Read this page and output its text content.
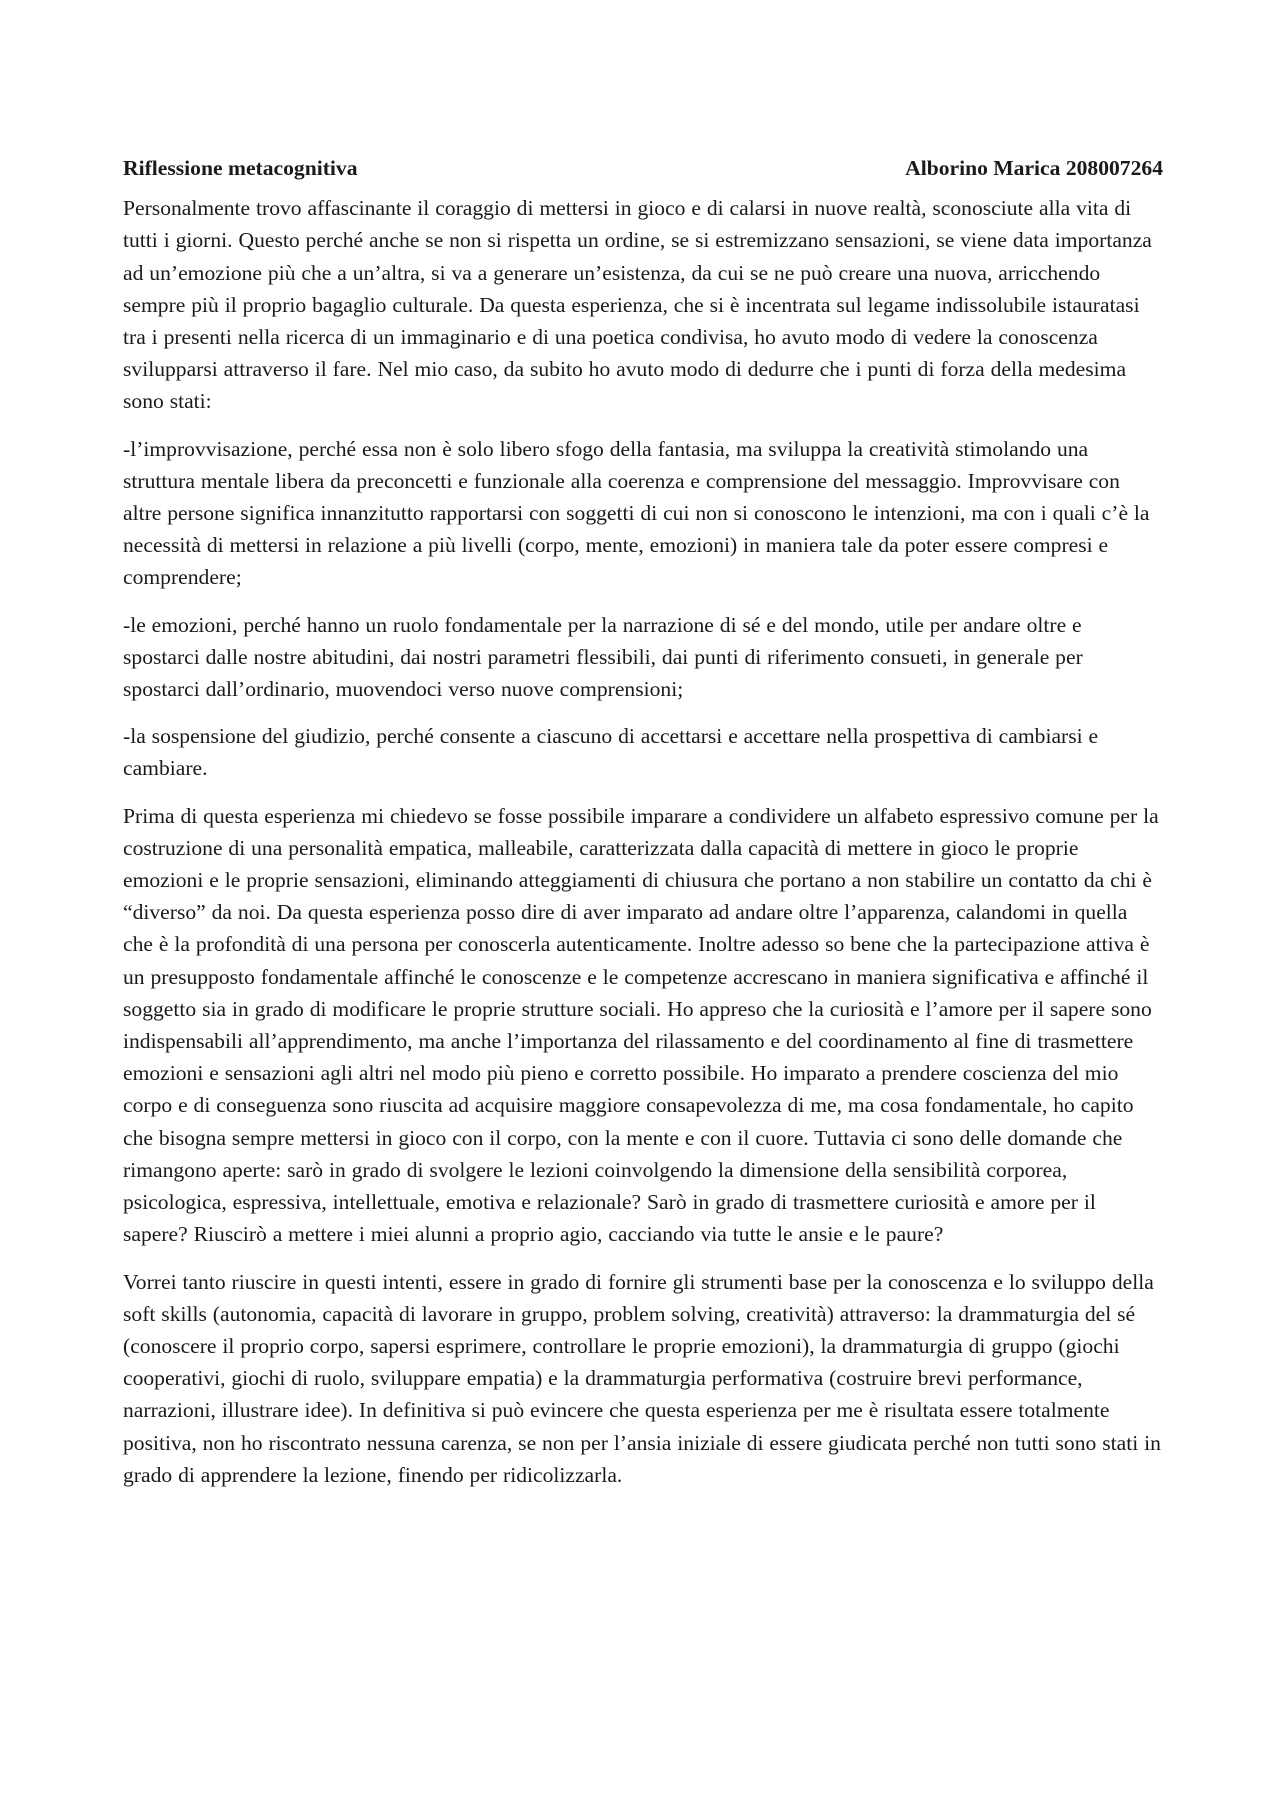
Riflessione metacognitiva	Alborino Marica 208007264

Personalmente trovo affascinante il coraggio di mettersi in gioco e di calarsi in nuove realtà, sconosciute alla vita di tutti i giorni. Questo perché anche se non si rispetta un ordine, se si estremizzano sensazioni, se viene data importanza ad un’emozione più che a un’altra, si va a generare un’esistenza, da cui se ne può creare una nuova, arricchendo sempre più il proprio bagaglio culturale. Da questa esperienza, che si è incentrata sul legame indissolubile istauratasi tra i presenti nella ricerca di un immaginario e di una poetica condivisa, ho avuto modo di vedere la conoscenza svilupparsi attraverso il fare. Nel mio caso, da subito ho avuto modo di dedurre che i punti di forza della medesima sono stati:

-l’improvvisazione, perché essa non è solo libero sfogo della fantasia, ma sviluppa la creatività stimolando una struttura mentale libera da preconcetti e funzionale alla coerenza e comprensione del messaggio. Improvvisare con altre persone significa innanzitutto rapportarsi con soggetti di cui non si conoscono le intenzioni, ma con i quali c’è la necessità di mettersi in relazione a più livelli (corpo, mente, emozioni) in maniera tale da poter essere compresi e comprendere;

-le emozioni, perché hanno un ruolo fondamentale per la narrazione di sé e del mondo, utile per andare oltre e spostarci dalle nostre abitudini, dai nostri parametri flessibili, dai punti di riferimento consueti, in generale per spostarci dall’ordinario, muovendoci verso nuove comprensioni;

-la sospensione del giudizio, perché consente a ciascuno di accettarsi e accettare nella prospettiva di cambiarsi e cambiare.

Prima di questa esperienza mi chiedevo se fosse possibile imparare a condividere un alfabeto espressivo comune per la costruzione di una personalità empatica, malleabile, caratterizzata dalla capacità di mettere in gioco le proprie emozioni e le proprie sensazioni, eliminando atteggiamenti di chiusura che portano a non stabilire un contatto da chi è “diverso” da noi. Da questa esperienza posso dire di aver imparato ad andare oltre l’apparenza, calandomi in quella che è la profondità di una persona per conoscerla autenticamente. Inoltre adesso so bene che la partecipazione attiva è un presupposto fondamentale affinché le conoscenze e le competenze accrescano in maniera significativa e affinché il soggetto sia in grado di modificare le proprie strutture sociali. Ho appreso che la curiosità e l’amore per il sapere sono indispensabili all’apprendimento, ma anche l’importanza del rilassamento e del coordinamento al fine di trasmettere emozioni e sensazioni agli altri nel modo più pieno e corretto possibile. Ho imparato a prendere coscienza del mio corpo e di conseguenza sono riuscita ad acquisire maggiore consapevolezza di me, ma cosa fondamentale, ho capito che bisogna sempre mettersi in gioco con il corpo, con la mente e con il cuore. Tuttavia ci sono delle domande che rimangono aperte: sarò in grado di svolgere le lezioni coinvolgendo la dimensione della sensibilità corporea, psicologica, espressiva, intellettuale, emotiva e relazionale? Sarò in grado di trasmettere curiosità e amore per il sapere? Riuscirò a mettere i miei alunni a proprio agio, cacciando via tutte le ansie e le paure?

Vorrei tanto riuscire in questi intenti, essere in grado di fornire gli strumenti base per la conoscenza e lo sviluppo della soft skills (autonomia, capacità di lavorare in gruppo, problem solving, creatività) attraverso: la drammaturgia del sé (conoscere il proprio corpo, sapersi esprimere, controllare le proprie emozioni), la drammaturgia di gruppo (giochi cooperativi, giochi di ruolo, sviluppare empatia) e la drammaturgia performativa (costruire brevi performance, narrazioni, illustrare idee). In definitiva si può evincere che questa esperienza per me è risultata essere totalmente positiva, non ho riscontrato nessuna carenza, se non per l’ansia iniziale di essere giudicata perché non tutti sono stati in grado di apprendere la lezione, finendo per ridicolizzarla.
